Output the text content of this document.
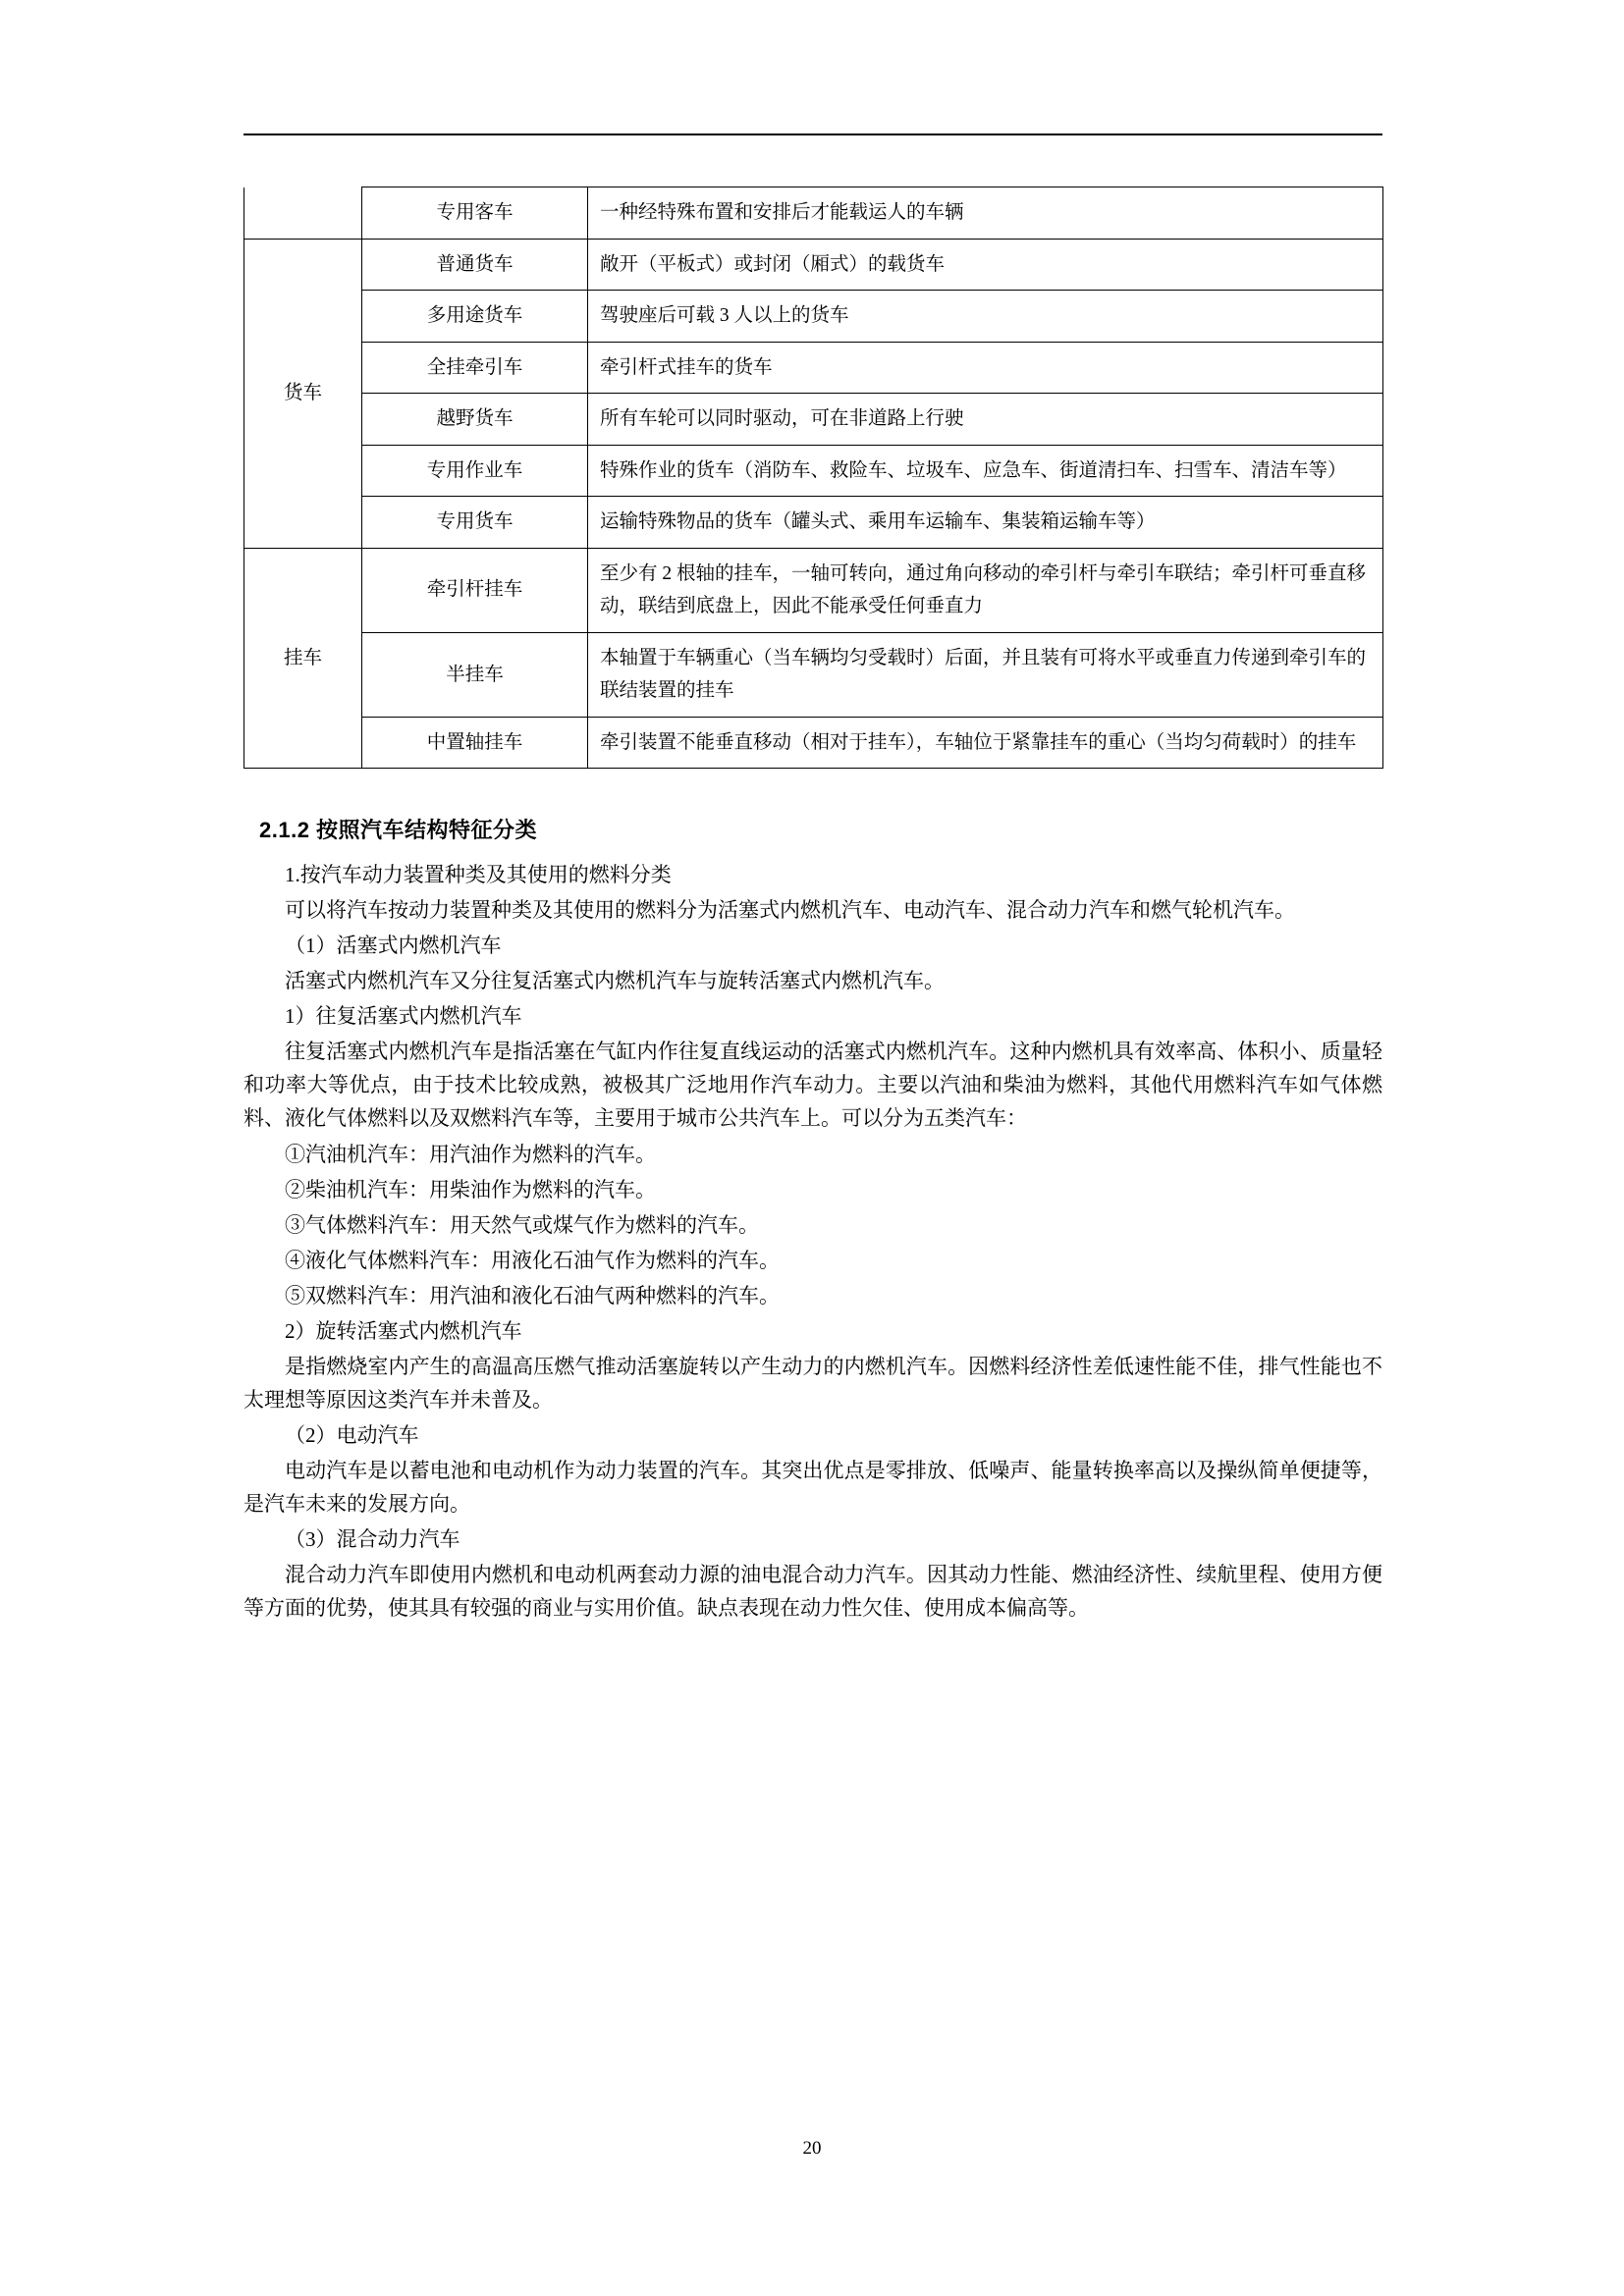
	专用客车	一种经特殊布置和安排后才能载运人的车辆
货车	普通货车	敞开（平板式）或封闭（厢式）的载货车
	多用途货车	驾驶座后可载 3 人以上的货车
	全挂牵引车	牵引杆式挂车的货车
	越野货车	所有车轮可以同时驱动，可在非道路上行驶
	专用作业车	特殊作业的货车（消防车、救险车、垃圾车、应急车、街道清扫车、扫雪车、清洁车等）
	专用货车	运输特殊物品的货车（罐头式、乘用车运输车、集装箱运输车等）
挂车	牵引杆挂车	至少有 2 根轴的挂车，一轴可转向，通过角向移动的牵引杆与牵引车联结；牵引杆可垂直移动，联结到底盘上，因此不能承受任何垂直力
	半挂车	本轴置于车辆重心（当车辆均匀受载时）后面，并且装有可将水平或垂直力传递到牵引车的联结装置的挂车
	中置轴挂车	牵引装置不能垂直移动（相对于挂车），车轴位于紧靠挂车的重心（当均匀荷载时）的挂车
2.1.2 按照汽车结构特征分类

1.按汽车动力装置种类及其使用的燃料分类

可以将汽车按动力装置种类及其使用的燃料分为活塞式内燃机汽车、电动汽车、混合动力汽车和燃气轮机汽车。

（1）活塞式内燃机汽车

活塞式内燃机汽车又分往复活塞式内燃机汽车与旋转活塞式内燃机汽车。

1）往复活塞式内燃机汽车

往复活塞式内燃机汽车是指活塞在气缸内作往复直线运动的活塞式内燃机汽车。这种内燃机具有效率高、体积小、质量轻和功率大等优点，由于技术比较成熟，被极其广泛地用作汽车动力。主要以汽油和柴油为燃料，其他代用燃料汽车如气体燃料、液化气体燃料以及双燃料汽车等，主要用于城市公共汽车上。可以分为五类汽车：

①汽油机汽车：用汽油作为燃料的汽车。

②柴油机汽车：用柴油作为燃料的汽车。

③气体燃料汽车：用天然气或煤气作为燃料的汽车。

④液化气体燃料汽车：用液化石油气作为燃料的汽车。

⑤双燃料汽车：用汽油和液化石油气两种燃料的汽车。

2）旋转活塞式内燃机汽车

是指燃烧室内产生的高温高压燃气推动活塞旋转以产生动力的内燃机汽车。因燃料经济性差低速性能不佳，排气性能也不太理想等原因这类汽车并未普及。

（2）电动汽车

电动汽车是以蓄电池和电动机作为动力装置的汽车。其突出优点是零排放、低噪声、能量转换率高以及操纵简单便捷等，是汽车未来的发展方向。

（3）混合动力汽车

混合动力汽车即使用内燃机和电动机两套动力源的油电混合动力汽车。因其动力性能、燃油经济性、续航里程、使用方便等方面的优势，使其具有较强的商业与实用价值。缺点表现在动力性欠佳、使用成本偏高等。

20
